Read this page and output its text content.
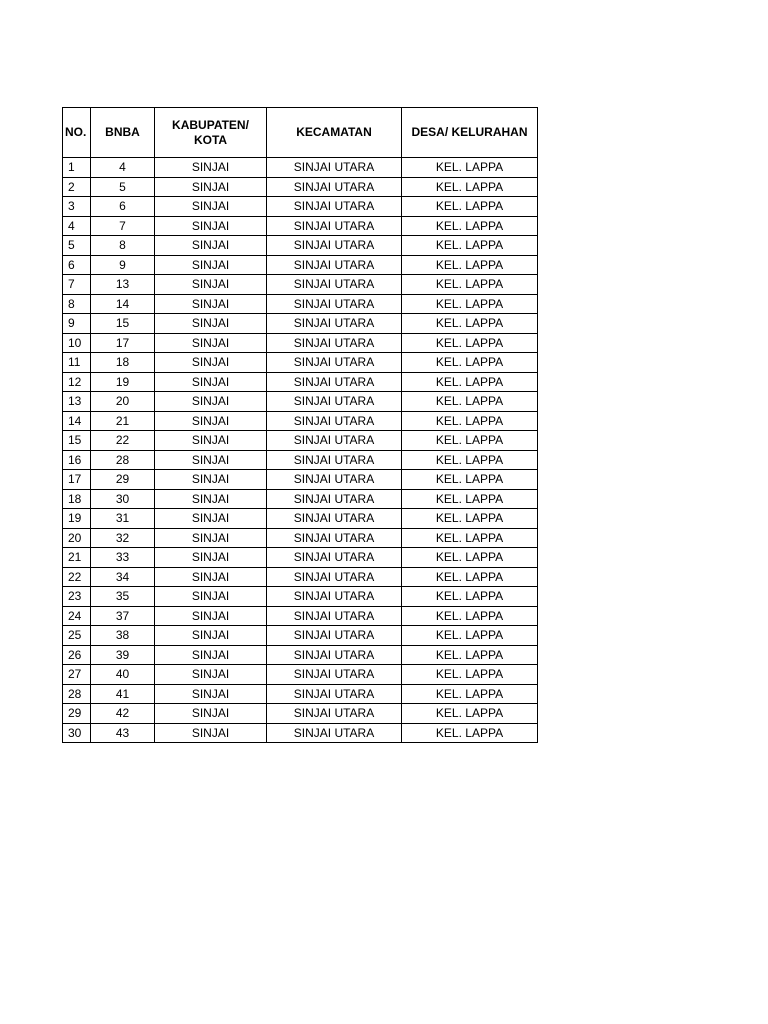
NO.	BNBA	KABUPATEN/ KOTA	KECAMATAN	DESA/ KELURAHAN
1	4	SINJAI	SINJAI UTARA	KEL. LAPPA
2	5	SINJAI	SINJAI UTARA	KEL. LAPPA
3	6	SINJAI	SINJAI UTARA	KEL. LAPPA
4	7	SINJAI	SINJAI UTARA	KEL. LAPPA
5	8	SINJAI	SINJAI UTARA	KEL. LAPPA
6	9	SINJAI	SINJAI UTARA	KEL. LAPPA
7	13	SINJAI	SINJAI UTARA	KEL. LAPPA
8	14	SINJAI	SINJAI UTARA	KEL. LAPPA
9	15	SINJAI	SINJAI UTARA	KEL. LAPPA
10	17	SINJAI	SINJAI UTARA	KEL. LAPPA
11	18	SINJAI	SINJAI UTARA	KEL. LAPPA
12	19	SINJAI	SINJAI UTARA	KEL. LAPPA
13	20	SINJAI	SINJAI UTARA	KEL. LAPPA
14	21	SINJAI	SINJAI UTARA	KEL. LAPPA
15	22	SINJAI	SINJAI UTARA	KEL. LAPPA
16	28	SINJAI	SINJAI UTARA	KEL. LAPPA
17	29	SINJAI	SINJAI UTARA	KEL. LAPPA
18	30	SINJAI	SINJAI UTARA	KEL. LAPPA
19	31	SINJAI	SINJAI UTARA	KEL. LAPPA
20	32	SINJAI	SINJAI UTARA	KEL. LAPPA
21	33	SINJAI	SINJAI UTARA	KEL. LAPPA
22	34	SINJAI	SINJAI UTARA	KEL. LAPPA
23	35	SINJAI	SINJAI UTARA	KEL. LAPPA
24	37	SINJAI	SINJAI UTARA	KEL. LAPPA
25	38	SINJAI	SINJAI UTARA	KEL. LAPPA
26	39	SINJAI	SINJAI UTARA	KEL. LAPPA
27	40	SINJAI	SINJAI UTARA	KEL. LAPPA
28	41	SINJAI	SINJAI UTARA	KEL. LAPPA
29	42	SINJAI	SINJAI UTARA	KEL. LAPPA
30	43	SINJAI	SINJAI UTARA	KEL. LAPPA
